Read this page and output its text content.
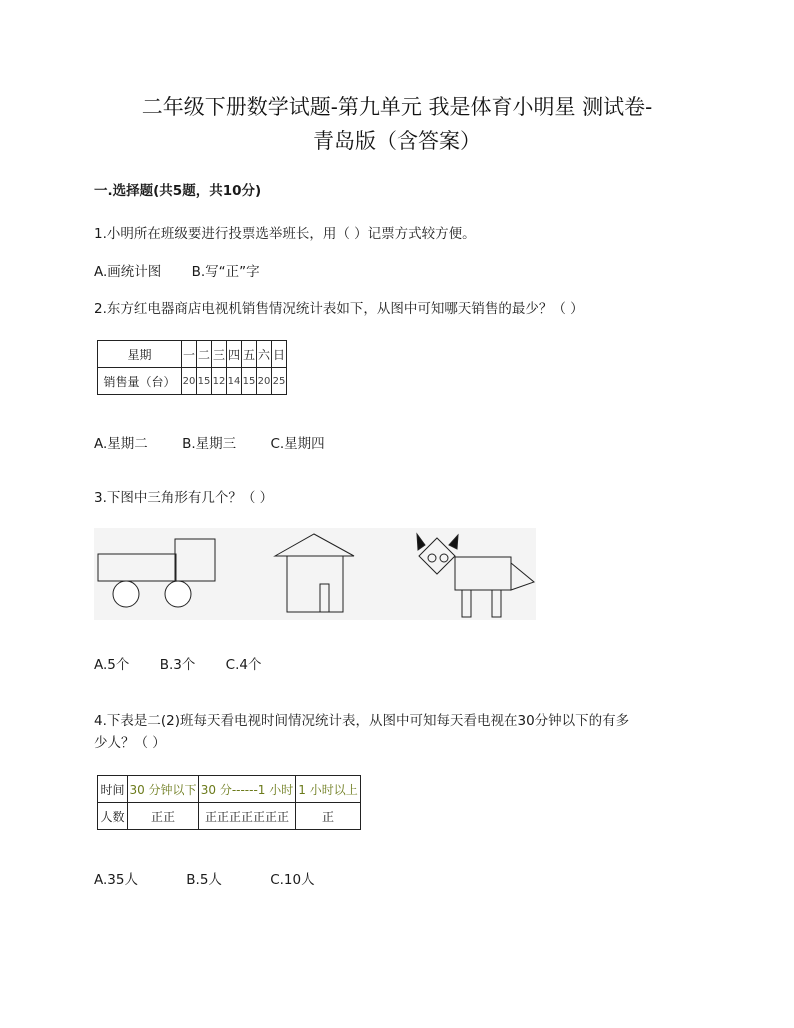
二年级下册数学试题-第九单元 我是体育小明星 测试卷-
青岛版（含答案）
一.选择题(共5题，共10分)
1.小明所在班级要进行投票选举班长，用（ ）记票方式较方便。
A.画统计图 B.写“正”字
2.东方红电器商店电视机销售情况统计表如下，从图中可知哪天销售的最少？（ ）
星期	一	二	三	四	五	六	日
销售量（台）	20	15	12	14	15	20	25
A.星期二	B.星期三	C.星期四
3.下图中三角形有几个？（ ）
A.5个 B.3个 C.4个
4.下表是二(2)班每天看电视时间情况统计表，从图中可知每天看电视在30分钟以下的有多
少人？（ ）
时间	30 分钟以下	30 分------1 小时	1 小时以上
人数	正正	正正正正正正正	正
A.35人	B.5人	C.10人
